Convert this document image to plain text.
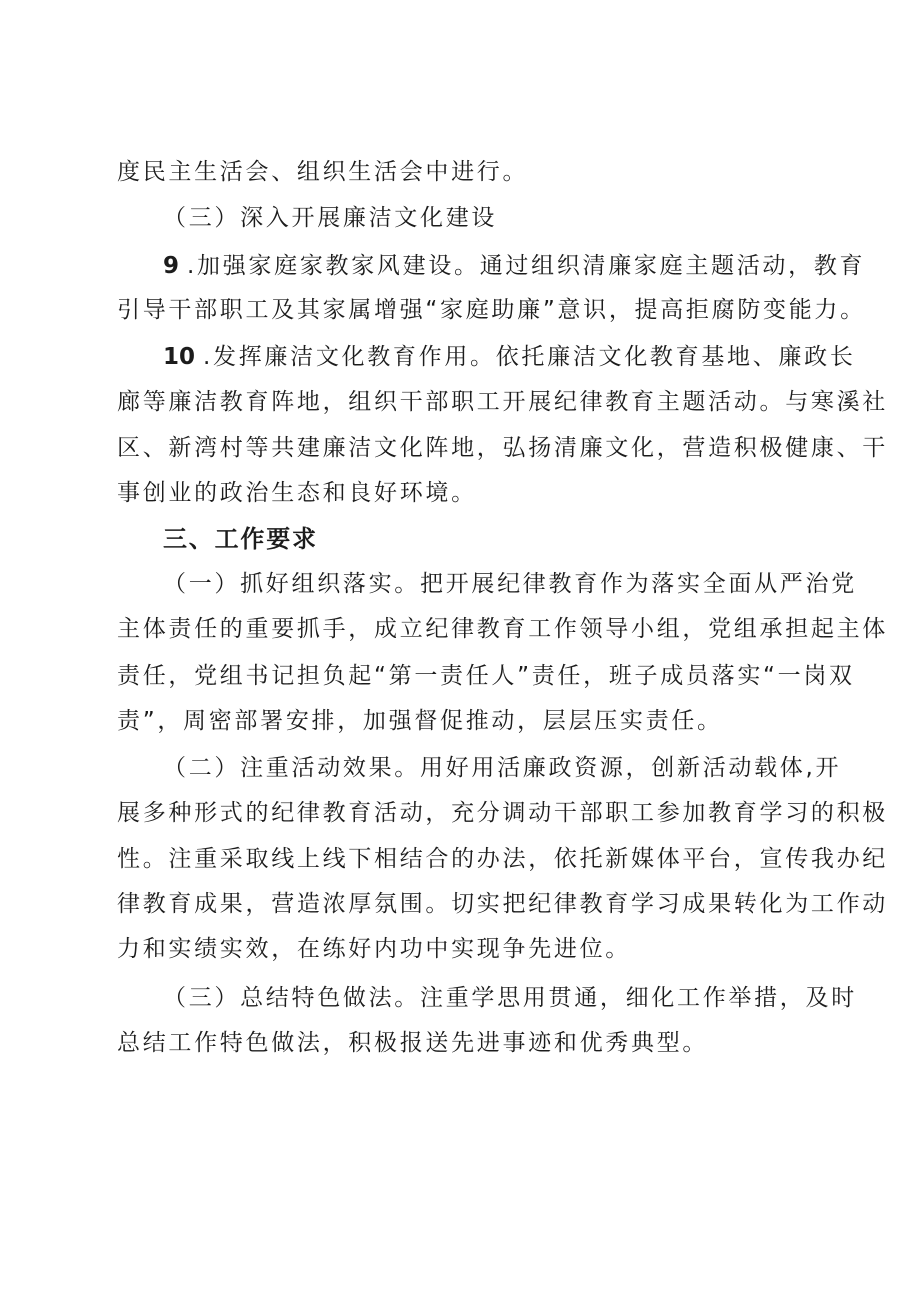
度民主生活会、组织生活会中进行。
（三）深入开展廉洁文化建设
9 .加强家庭家教家风建设。通过组织清廉家庭主题活动，教育
引导干部职工及其家属增强“家庭助廉”意识，提高拒腐防变能力。
10 .发挥廉洁文化教育作用。依托廉洁文化教育基地、廉政长
廊等廉洁教育阵地，组织干部职工开展纪律教育主题活动。与寒溪社
区、新湾村等共建廉洁文化阵地，弘扬清廉文化，营造积极健康、干
事创业的政治生态和良好环境。
三、工作要求
（一）抓好组织落实。把开展纪律教育作为落实全面从严治党
主体责任的重要抓手，成立纪律教育工作领导小组，党组承担起主体
责任，党组书记担负起“第一责任人”责任，班子成员落实“一岗双
责”，周密部署安排，加强督促推动，层层压实责任。
（二）注重活动效果。用好用活廉政资源，创新活动载体,开
展多种形式的纪律教育活动，充分调动干部职工参加教育学习的积极
性。注重采取线上线下相结合的办法，依托新媒体平台，宣传我办纪
律教育成果，营造浓厚氛围。切实把纪律教育学习成果转化为工作动
力和实绩实效，在练好内功中实现争先进位。
（三）总结特色做法。注重学思用贯通，细化工作举措，及时
总结工作特色做法，积极报送先进事迹和优秀典型。
